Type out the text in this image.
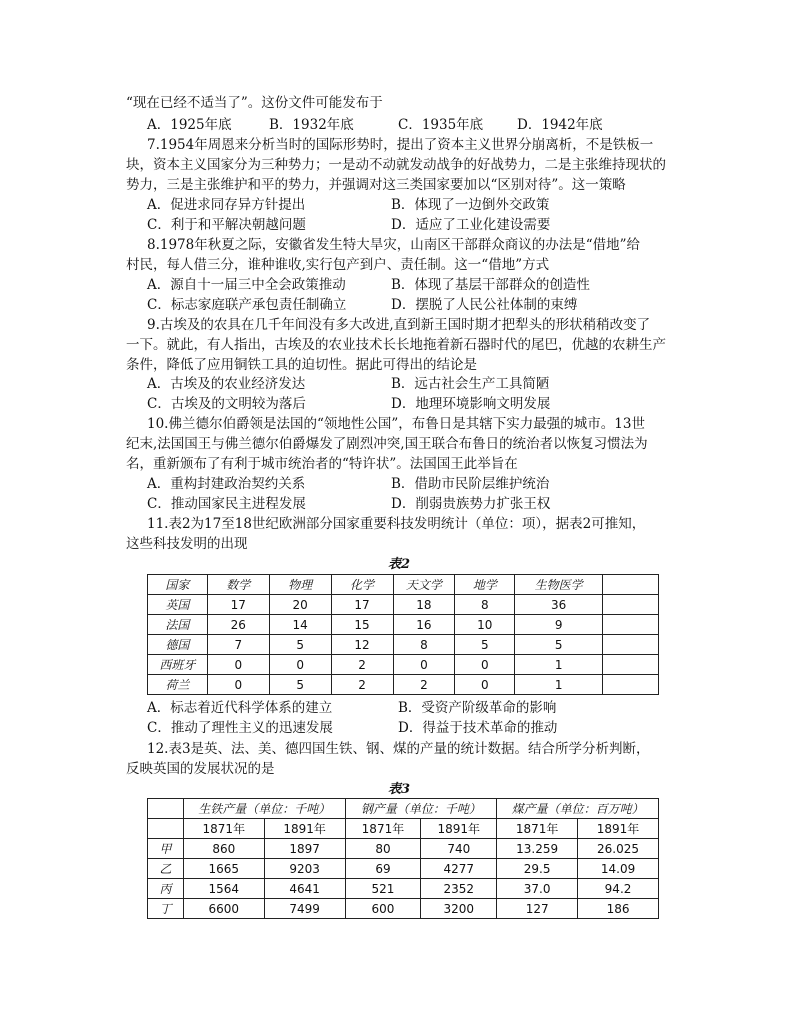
“现在已经不适当了”。这份文件可能发布于
A．1925年底	B．1932年底	C．1935年底	D．1942年底
7.1954年周恩来分析当时的国际形势时，提出了资本主义世界分崩离析，不是铁板一
块，资本主义国家分为三种势力；一是动不动就发动战争的好战势力，二是主张维持现状的
势力，三是主张维护和平的势力，并强调对这三类国家要加以“区别对待”。这一策略
A．促进求同存异方针提出	B．体现了一边倒外交政策
C．利于和平解决朝越问题	D．适应了工业化建设需要
8.1978年秋夏之际，安徽省发生特大旱灾，山南区干部群众商议的办法是“借地”给
村民，每人借三分，谁种谁收,实行包产到户、责任制。这一“借地”方式
A．源自十一届三中全会政策推动	B．体现了基层干部群众的创造性
C．标志家庭联产承包责任制确立	D．摆脱了人民公社体制的束缚
9.古埃及的农具在几千年间没有多大改进,直到新王国时期才把犁头的形状稍稍改变了
一下。就此，有人指出，古埃及的农业技术长长地拖着新石器时代的尾巴，优越的农耕生产
条件，降低了应用铜铁工具的迫切性。据此可得出的结论是
A．古埃及的农业经济发达	B．远古社会生产工具简陋
C．古埃及的文明较为落后	D．地理环境影响文明发展
10.佛兰德尔伯爵领是法国的“领地性公国”，布鲁日是其辖下实力最强的城市。13世
纪末,法国国王与佛兰德尔伯爵爆发了剧烈冲突,国王联合布鲁日的统治者以恢复习惯法为
名，重新颁布了有利于城市统治者的“特许状”。法国国王此举旨在
A．重构封建政治契约关系	B．借助市民阶层维护统治
C．推动国家民主进程发展	D．削弱贵族势力扩张王权
11.表2为17至18世纪欧洲部分国家重要科技发明统计（单位：项），据表2可推知，
这些科技发明的出现
表2
国家	数学	物理	化学	天文学	地学	生物医学	
英国	17	20	17	18	8	36	
法国	26	14	15	16	10	9	
德国	7	5	12	8	5	5	
西班牙	0	0	2	0	0	1	
荷兰	0	5	2	2	0	1	
A．标志着近代科学体系的建立	B．受资产阶级革命的影响
C．推动了理性主义的迅速发展	D．得益于技术革命的推动
12.表3是英、法、美、德四国生铁、钢、煤的产量的统计数据。结合所学分析判断，
反映英国的发展状况的是
表3
	生铁产量（单位：千吨）		钢产量（单位：千吨）		煤产量（单位：百万吨）	
	1871年	1891年	1871年	1891年	1871年	1891年
甲	860	1897	80	740	13.259	26.025
乙	1665	9203	69	4277	29.5	14.09
丙	1564	4641	521	2352	37.0	94.2
丁	6600	7499	600	3200	127	186
